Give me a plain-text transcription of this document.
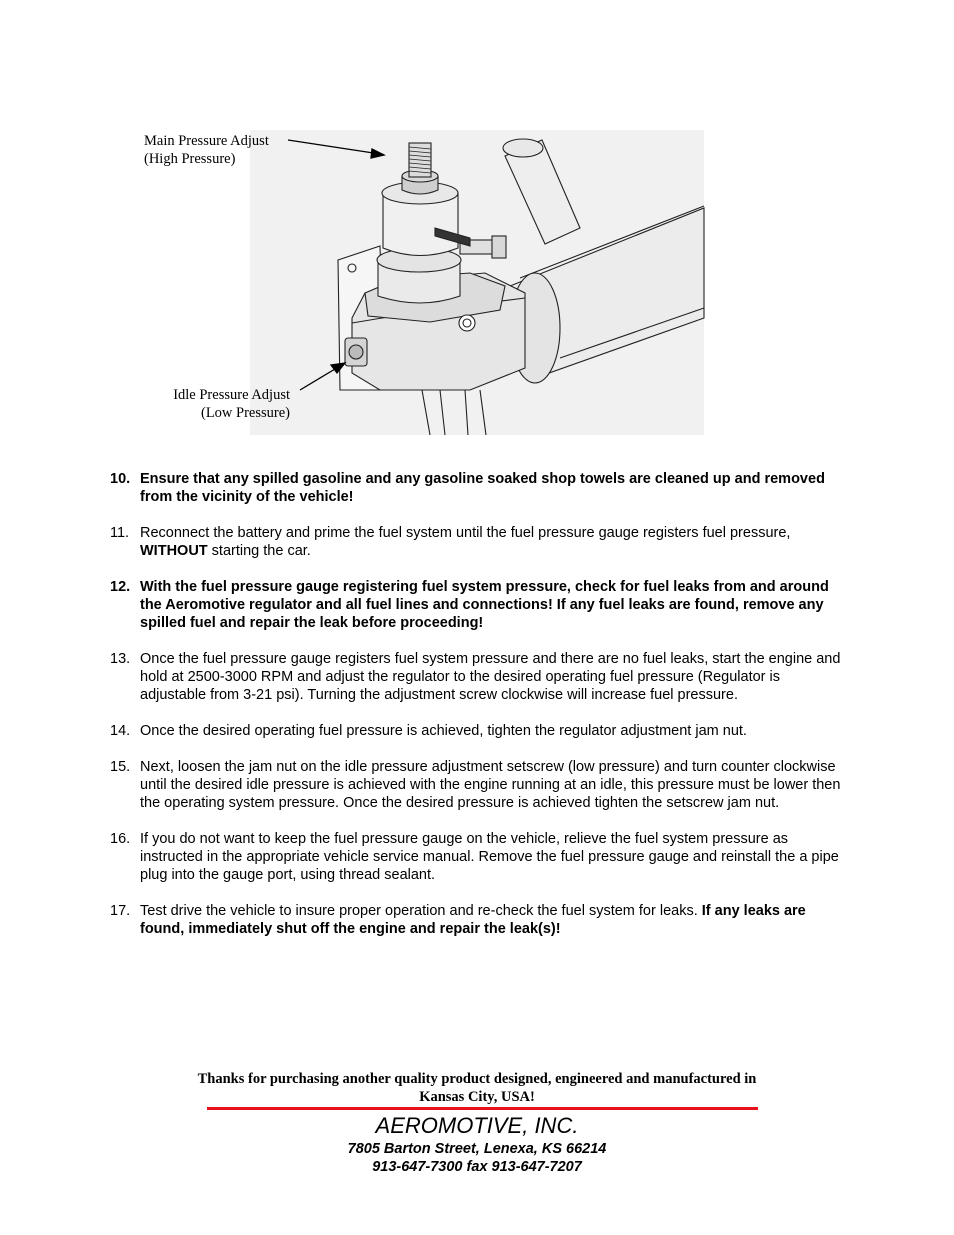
Main Pressure Adjust
(High Pressure)
Idle Pressure Adjust
(Low Pressure)
10. Ensure that any spilled gasoline and any gasoline soaked shop towels are cleaned up and removed from the vicinity of the vehicle!
11. Reconnect the battery and prime the fuel system until the fuel pressure gauge registers fuel pressure, WITHOUT starting the car.
12. With the fuel pressure gauge registering fuel system pressure, check for fuel leaks from and around the Aeromotive regulator and all fuel lines and connections! If any fuel leaks are found, remove any spilled fuel and repair the leak before proceeding!
13. Once the fuel pressure gauge registers fuel system pressure and there are no fuel leaks, start the engine and hold at 2500-3000 RPM and adjust the regulator to the desired operating fuel pressure (Regulator is adjustable from 3-21 psi). Turning the adjustment screw clockwise will increase fuel pressure.
14. Once the desired operating fuel pressure is achieved, tighten the regulator adjustment jam nut.
15. Next, loosen the jam nut on the idle pressure adjustment setscrew (low pressure) and turn counter clockwise until the desired idle pressure is achieved with the engine running at an idle, this pressure must be lower then the operating system pressure. Once the desired pressure is achieved tighten the setscrew jam nut.
16. If you do not want to keep the fuel pressure gauge on the vehicle, relieve the fuel system pressure as instructed in the appropriate vehicle service manual. Remove the fuel pressure gauge and reinstall the a pipe plug into the gauge port, using thread sealant.
17. Test drive the vehicle to insure proper operation and re-check the fuel system for leaks. If any leaks are found, immediately shut off the engine and repair the leak(s)!
Thanks for purchasing another quality product designed, engineered and manufactured in
Kansas City, USA!
AEROMOTIVE, INC.
7805 Barton Street, Lenexa, KS 66214
913-647-7300 fax 913-647-7207
